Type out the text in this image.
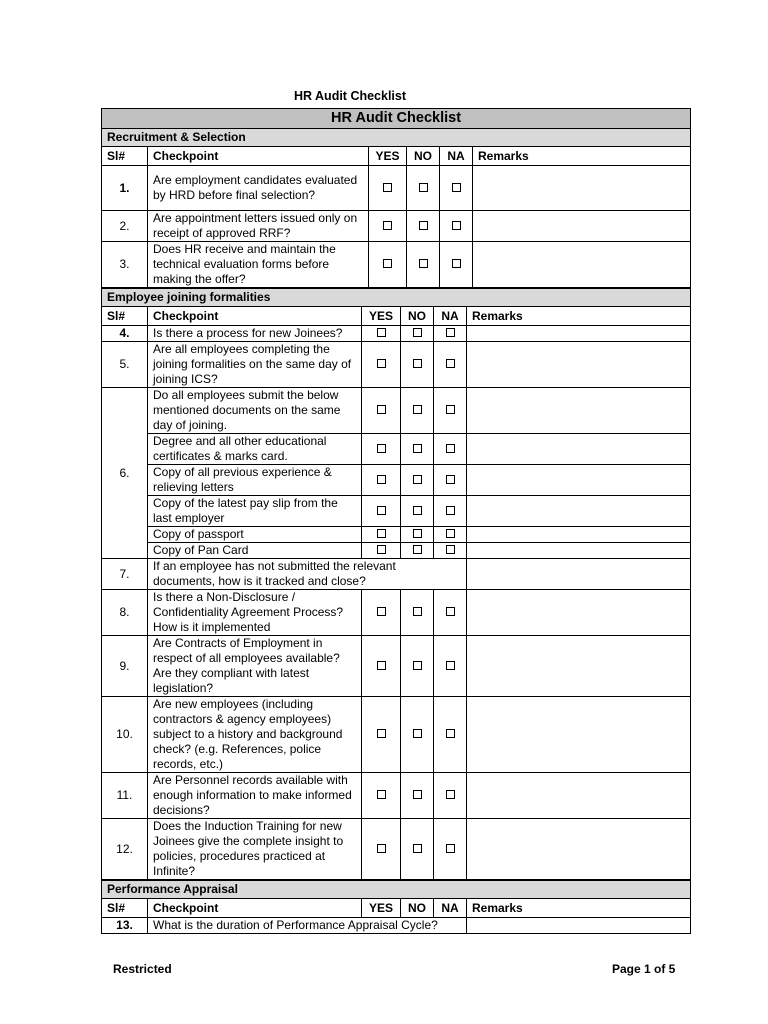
HR Audit Checklist
HR Audit Checklist					
Recruitment & Selection					
Sl#	Checkpoint	YES	NO	NA	Remarks
1.	Are employment candidates evaluated by HRD before final selection?				
2.	Are appointment letters issued only on receipt of approved RRF?				
3.	Does HR receive and maintain the technical evaluation forms before making the offer?				
Employee joining formalities					
Sl#	Checkpoint	YES	NO	NA	Remarks
4.	Is there a process for new Joinees?				
5.	Are all employees completing the joining formalities on the same day of joining ICS?				
6.	Do all employees submit the below mentioned documents on the same day of joining.				
	Degree and all other educational certificates & marks card.				
	Copy of all previous experience & relieving letters				
	Copy of the latest pay slip from the last employer				
	Copy of passport				
	Copy of Pan Card				
7.	If an employee has not submitted the relevant documents, how is it tracked and close?				
8.	Is there a Non-Disclosure / Confidentiality Agreement Process? How is it implemented				
9.	Are Contracts of Employment in respect of all employees available? Are they compliant with latest legislation?				
10.	Are new employees (including contractors & agency employees) subject to a history and background check? (e.g. References, police records, etc.)				
11.	Are Personnel records available with enough information to make informed decisions?				
12.	Does the Induction Training for new Joinees give the complete insight to policies, procedures practiced at Infinite?				
Performance Appraisal					
Sl#	Checkpoint	YES	NO	NA	Remarks
13.	What is the duration of Performance Appraisal Cycle?				
Restricted	Page 1 of 5
